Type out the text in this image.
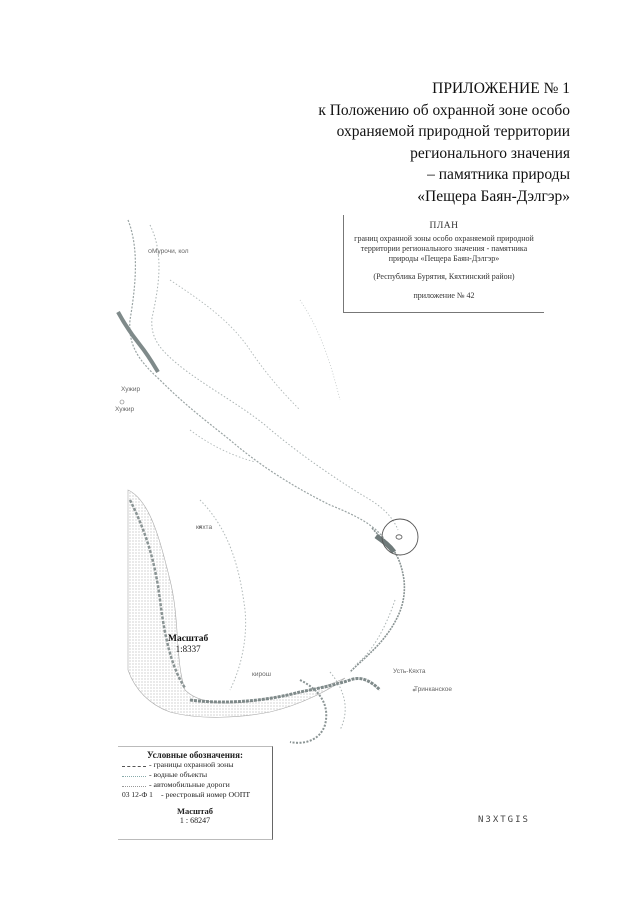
ПРИЛОЖЕНИЕ № 1
к Положению об охранной зоне особо
охраняемой природной территории
регионального значения
– памятника природы
«Пещера Баян-Дэлгэр»
ПЛАН
границ охранной зоны особо охраняемой природной территории регионального значения - памятника природы «Пещера Баян-Дэлгэр»
(Республика Бурятия, Кяхтинский район)
приложение № 42
Мурочи, кол
Хужир
Хужир
кяхта
кирош	Усть-Кяхта
Тринканское
Масштаб
1:8337
Условные обозначения:
- границы охранной зоны
- водные объекты
- автомобильные дороги
03 12-Ф 1	- реестровый номер ООПТ
Масштаб
1 : 68247	N3XTGIS
